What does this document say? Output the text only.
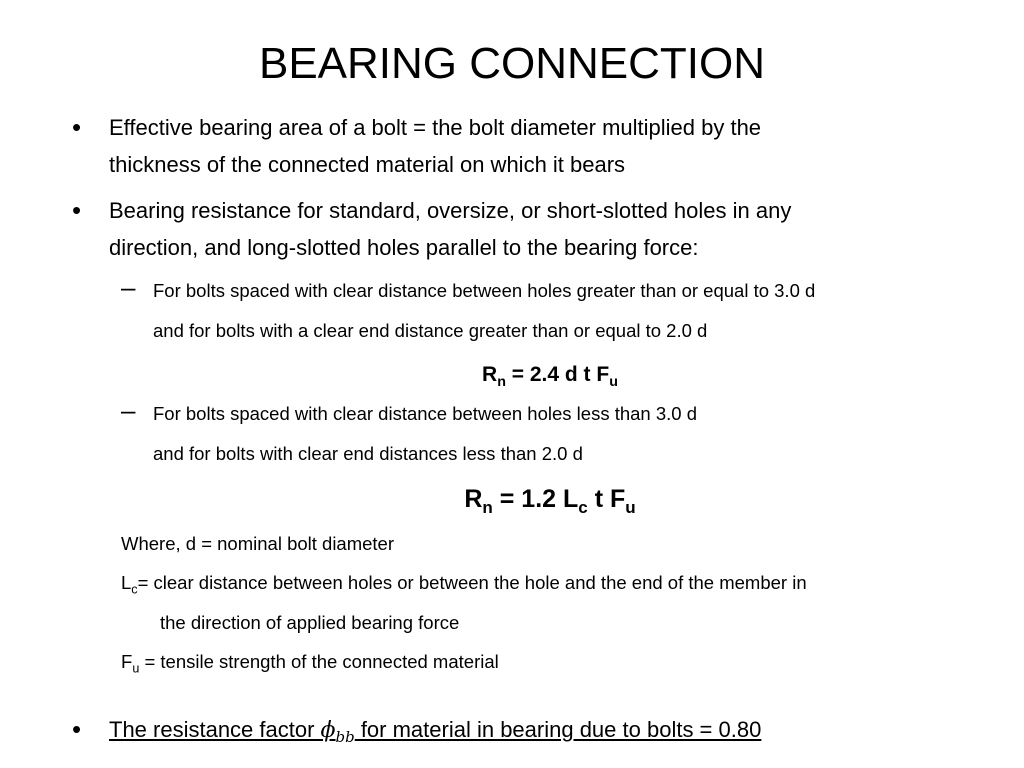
BEARING CONNECTION
• Effective bearing area of a bolt = the bolt diameter multiplied by the
thickness of the connected material on which it bears
• Bearing resistance for standard, oversize, or short-slotted holes in any
direction, and long-slotted holes parallel to the bearing force:
– For bolts spaced with clear distance between holes greater than or equal to 3.0 d
and for bolts with a clear end distance greater than or equal to 2.0 d
$R_n = 2.4$ d t $F_u$
– For bolts spaced with clear distance between holes less than 3.0 d
and for bolts with clear end distances less than 2.0 d
$R_n = 1.2$ $L_c$ t $F_u$
Where, d = nominal bolt diameter
$L_c=$ clear distance between holes or between the hole and the end of the member in
the direction of applied bearing force
$F_u$ = tensile strength of the connected material
• The resistance factor $\phi_{bb}$ for material in bearing due to bolts = 0.80
